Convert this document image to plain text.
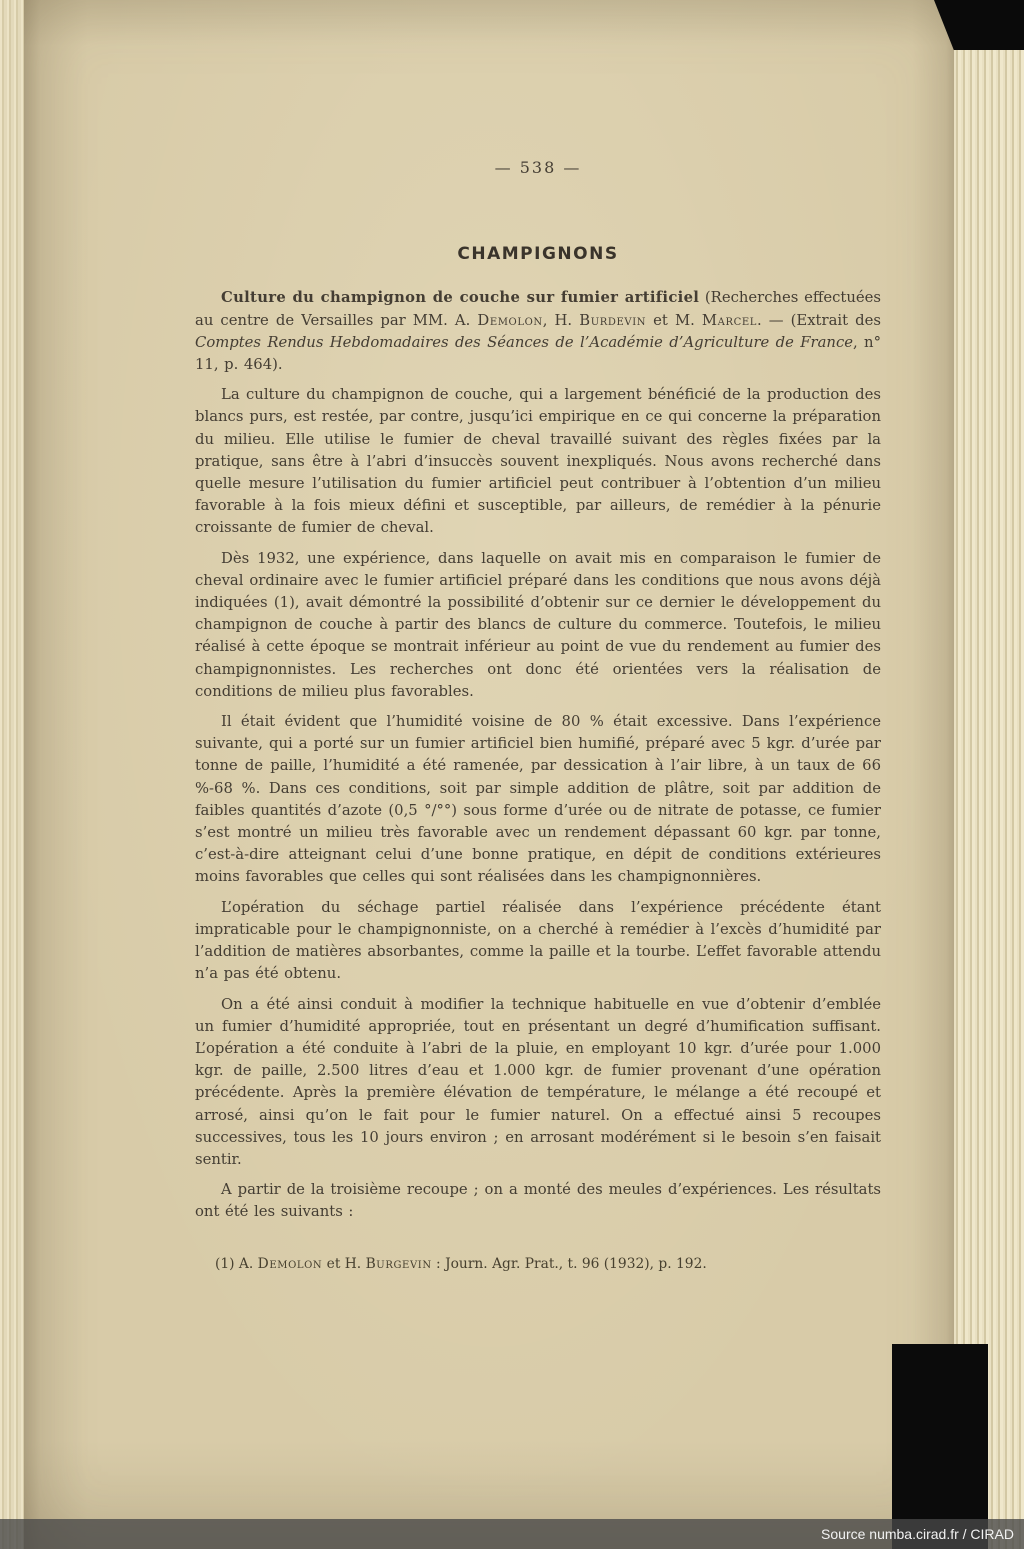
— 538 —
CHAMPIGNONS

Culture du champignon de couche sur fumier artificiel (Recherches effectuées au centre de Versailles par MM. A. Demolon, H. Burdevin et M. Marcel. — (Extrait des Comptes Rendus Hebdomadaires des Séances de l’Académie d’Agriculture de France, n° 11, p. 464).

La culture du champignon de couche, qui a largement bénéficié de la production des blancs purs, est restée, par contre, jusqu’ici empirique en ce qui concerne la préparation du milieu. Elle utilise le fumier de cheval travaillé suivant des règles fixées par la pratique, sans être à l’abri d’insuccès souvent inexpliqués. Nous avons recherché dans quelle mesure l’utilisation du fumier artificiel peut contribuer à l’obtention d’un milieu favorable à la fois mieux défini et susceptible, par ailleurs, de remédier à la pénurie croissante de fumier de cheval.

Dès 1932, une expérience, dans laquelle on avait mis en comparaison le fumier de cheval ordinaire avec le fumier artificiel préparé dans les conditions que nous avons déjà indiquées (1), avait démontré la possibilité d’obtenir sur ce dernier le développement du champignon de couche à partir des blancs de culture du commerce. Toutefois, le milieu réalisé à cette époque se montrait inférieur au point de vue du rendement au fumier des champignonnistes. Les recherches ont donc été orientées vers la réalisation de conditions de milieu plus favorables.

Il était évident que l’humidité voisine de 80 % était excessive. Dans l’expérience suivante, qui a porté sur un fumier artificiel bien humifié, préparé avec 5 kgr. d’urée par tonne de paille, l’humidité a été ramenée, par dessication à l’air libre, à un taux de 66 %-68 %. Dans ces conditions, soit par simple addition de plâtre, soit par addition de faibles quantités d’azote (0,5 °/°°) sous forme d’urée ou de nitrate de potasse, ce fumier s’est montré un milieu très favorable avec un rendement dépassant 60 kgr. par tonne, c’est-à-dire atteignant celui d’une bonne pratique, en dépit de conditions extérieures moins favorables que celles qui sont réalisées dans les champignonnières.

L’opération du séchage partiel réalisée dans l’expérience précédente étant impraticable pour le champignonniste, on a cherché à remédier à l’excès d’humidité par l’addition de matières absorbantes, comme la paille et la tourbe. L’effet favorable attendu n’a pas été obtenu.

On a été ainsi conduit à modifier la technique habituelle en vue d’obtenir d’emblée un fumier d’humidité appropriée, tout en présentant un degré d’humification suffisant. L’opération a été conduite à l’abri de la pluie, en employant 10 kgr. d’urée pour 1.000 kgr. de paille, 2.500 litres d’eau et 1.000 kgr. de fumier provenant d’une opération précédente. Après la première élévation de température, le mélange a été recoupé et arrosé, ainsi qu’on le fait pour le fumier naturel. On a effectué ainsi 5 recoupes successives, tous les 10 jours environ ; en arrosant modérément si le besoin s’en faisait sentir.

A partir de la troisième recoupe ; on a monté des meules d’expériences. Les résultats ont été les suivants :

(1) A. Demolon et H. Burgevin : Journ. Agr. Prat., t. 96 (1932), p. 192.
Source numba.cirad.fr / CIRAD
